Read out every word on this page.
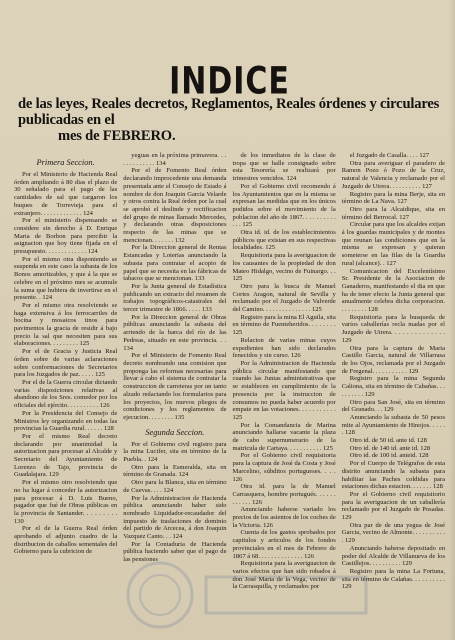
INDICE
de las leyes, Reales decretos, Reglamentos, Reales órdenes y circulares publicadas en el
mes de FEBRERO.
Primera Seccion.

Por el Ministerio de Hacienda Real órden ampliando á 80 dias el plazo de 30 señalado para el pago de las cantidades de sal que cargaron los buques de Torrevieja para el extranjero. . . . . . . . . . . . . 124

Por el ministerio dispensando se considere sin derecho á D. Enrique Maria de Borbon para percibir la asignacion que hoy tiene fijada en el presupuesto. . . . . . . . . . . . . 124

Por el mismo otra disponiendo se suspenda en este caso la subasta de los Bonos amortizables, y que á la que se celebre en el próximo mes se acumule la suma que hubiera de invertirse en el presente. . 124

Por el mismo otra resolviendo se haga extensiva á los ferrocarriles de bocina y mosaicos tinos para pavimentos la gracia de residir á bajo precio la sal que necesiten para sus elaboraciones. . . . . . . . . 125

Por el de Gracia y Justicia Real órden sobre de varias aclaraciones sobre conformaciones de Secretarios para los Juzgados de paz. . . . . 125

Por el de la Guerra circular dictando varias disposiciones relativas al abandono de los Sres. comedor por los oficiales del ejército. . . . . . . . . . 126

Por la Presidencia del Consejo de Ministros ley organizando en todas las provincias la Guardia rural. . . . . . 128

Por el mismo Real decreto declarando por unanimidad la autorizacion para procesar al Alcalde y Secretario del Ayuntamiento de Lorenzo de Tajo, provincia de Guadalajara. 129

Por el mismo otro resolviendo que no ha lugar á conceder la autorizacion para procesar á D. Luis Bueno, pagador que fué de Obras públicas en la provincia de Santander. . . . . . . . . 130

Por el de la Guerra Real órden aprobando el adjunto cuadro de la distribucion de caballos sementales del Gobierno para la cubricion de

yeguas en la próxima primavera. . . . . . . . . . . . . 134

Por el de Fomento Real órden declarando improcedente una demanda presentada ante el Consejo de Estado á nombre de don Joaquin Garcia Velarde y otros contra la Real órden por la cual se aprobó el deslinde y rectificacion del grupo de minas llamado Mercedes, y declarando otras disposiciones respecto de las minas que se mencionan. . . . . . . 132

Por la Direccion general de Rentas Estancadas y Loterias anunciando la subasta para contratar el acopio de papel que se necesita en las fábricas de tabacos que se mencionan. 133

Por la Junta general de Estadística publicando un extracto del resumen de trabajos topográficos-catastrales del tercer trimestre de 1866. . . . . 133

Por la Direccion general de Obras públicas anunciando la subasta del arriendo de la barca del río de las Pedreas, situado en este provincia. . . 134

Por el Ministerio de Fomento Real decreto nombrando una comision que proponga las reformas necesarias para llevar á cabo el sistema de contratar la construccion de carreteras por un tanto alzado redactando los formularios para los proyectos, los nuevos pliegos de condiciones y los reglamentos de ejecucion. . . . . . . . 135

Segunda Seccion.

Por el Gobierno civil registro para la mina Lucifer, sita en término de la Puebla. . 124

Otro para la Esmeralda, sita en término de Granada. 124

Otro para la Blanca, sita en término de Cuevas. . . . 124

Por la Administracion de Hacienda pública anunciando haber sido nombrado Liquidador-recaudador del impuesto de traslaciones de dominio del partido de Arcecea, á don Joaquin Vazquez Canto. . . 124

Por la Contaduria de Hacienda pública haciendo saber que el pago de las pensiones

de los inmediatos de la clase de tropa que se halle consignado sobre esta Tesorería se realizará por trimestres vencidos. 124

Por el Gobierno civil recomendo á los Ayuntamientos que en la misma se expresan las medidas que en los únicos podidos sobre el movimiento de la poblacion del año de 1867. . . . . . . . . . . . . 125

Otra id. id. de los establecimientos públicos que existan en sus respectivas localidades. 125

Requisitoria para la averiguacion de los causantes de la propiedad de don Mateo Hidalgo, vecino de Fuinargo. . . 125

Otro para la busca de Manuel Cortes Aragon, natural de Sevilla y reclamado por el Juzgado de Valverde del Camino. . . . . . . . . . . . . . . 125

Registro para la mina El Aguila, sita en término de Fuenteheridos. . . . . . . . 125

Relacion de varias minas cuyos expedientes han sido declarados fenecidos y sin curso. 126

Por la Administracion de Hacienda pública circular manifestando que cuando las Juntas administrativas que se establecen en cumplimiento de la presencia por la instruccion de consumos no pueda haber acuerdo por empate en las votaciones. . . . . . . . . . . 125

Por la Comandancia de Marina anunciando hallarse vacante la plaza de cabo supernumerario de la matricula de Cartaya. . . . . . . . . . . 125

Por el Gobierno civil requisitoria para la captura de José da Costa y José Marcelino, súbditos portugueses. . . . 126

Otra id. para la de Manuel Carrasquera, hombre portugués. . . . . . . . . . . . 126

Anunciando haberse variado los precios de los asientos de los coches de la Victoria. 126

Cuenta de los gastos sprobados por capitulos y articulos de los fondos provinciales en el mes de Febrero de 1867 á 68. . . . . . . . . . . . . . 126

Requisitoria para la averiguacion de varios efectos que han sido robados á don José Maria de la Vega, vecino de la Carrasquilla, y reclamados por

el Juzgado de Casalla. . . . 127

Otra para averiguar el paradero de Ramon Pozo ó Pozo de la Cruz, natural de Valencia y reclamado por el Juzgado de Utrera. . . . . . . . . . 127

Registro para la mina Berje, sita en término de La Nava. 127

Otro para la Alcaidique, sita en término del Berrocal. 127

Circular para que los alcaldes exijan á los guardas municipales y de montes que reunan las condiciones que en la misma se expresan y quieran someterse en las filas de la Guardia rural (alcance). . 127

Comunicacion del Excelentísimo Sr. Presidente de la Asociacion de Ganaderos, manifestando el dia en que ha de tener efecto la Junta general que anualmente celebra dicha corporacion. . . . . . . . . 128

Requisitoria para la busqueda de varios caballerías recla madas por el Juzgado de Utrera. . . . . . . . . . . . . . 129

Otra para la captura de Maria Castillo Garcia, natural de Villarrasa de los Ojos, reclamada por el Juzgado de Fregenal. . . . . . . . . . . 129

Registro para la mina Segunda Caliona, sita en término de Cabañas. . . . . . . . . . 129

Otro para San José, sita en término del Granado. . . 129

Anunciando la subasta de 50 pesos mite al Ayuntamiento de Hinojos. . . . . . 128

Otro id. de 50 id. ante id. 128

Otro id. de 140 id. ante id. 128

Otro id. de 100 id. anteid. 128

Por el Cuerpo de Telégrafos de esta distrito anunciando la subasta para habilitar las Paches coldidas para estaciones dichas estacion. . . . . . . 128

Por el Gobierno civil requisitorio para la averiguacion de un caballería reclamado por el Juzgado de Posadas. 129

Otra par de de una yegua de José Garcia, vecino de Almonte. . . . . . . . . . . 129

Anunciando haberse depositado en poder del Alcalde de Villanueva de los Castillejos. . . . . . . . . . 129

Registro para la mina La Fortuna, sita en término de Calañas. . . . . . . . . . 129
